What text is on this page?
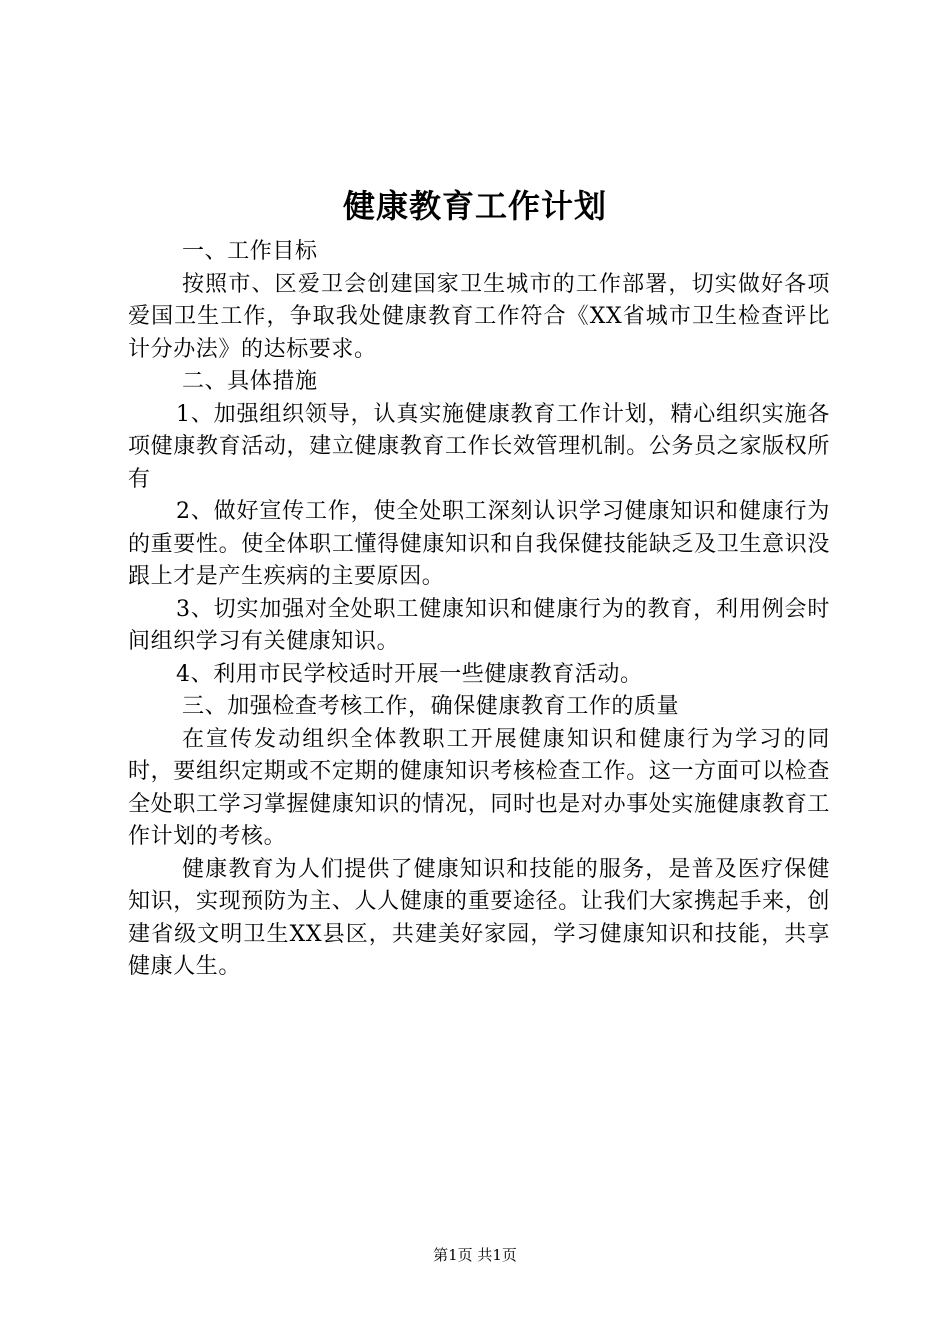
健康教育工作计划

一、工作目标

按照市、区爱卫会创建国家卫生城市的工作部署，切实做好各项爱国卫生工作，争取我处健康教育工作符合《XX省城市卫生检查评比计分办法》的达标要求。

二、具体措施

1、加强组织领导，认真实施健康教育工作计划，精心组织实施各项健康教育活动，建立健康教育工作长效管理机制。公务员之家版权所有

2、做好宣传工作，使全处职工深刻认识学习健康知识和健康行为的重要性。使全体职工懂得健康知识和自我保健技能缺乏及卫生意识没跟上才是产生疾病的主要原因。

3、切实加强对全处职工健康知识和健康行为的教育，利用例会时间组织学习有关健康知识。

4、利用市民学校适时开展一些健康教育活动。

三、加强检查考核工作，确保健康教育工作的质量

在宣传发动组织全体教职工开展健康知识和健康行为学习的同时，要组织定期或不定期的健康知识考核检查工作。这一方面可以检查全处职工学习掌握健康知识的情况，同时也是对办事处实施健康教育工作计划的考核。

健康教育为人们提供了健康知识和技能的服务，是普及医疗保健知识，实现预防为主、人人健康的重要途径。让我们大家携起手来，创建省级文明卫生XX县区，共建美好家园，学习健康知识和技能，共享健康人生。

第1页 共1页
